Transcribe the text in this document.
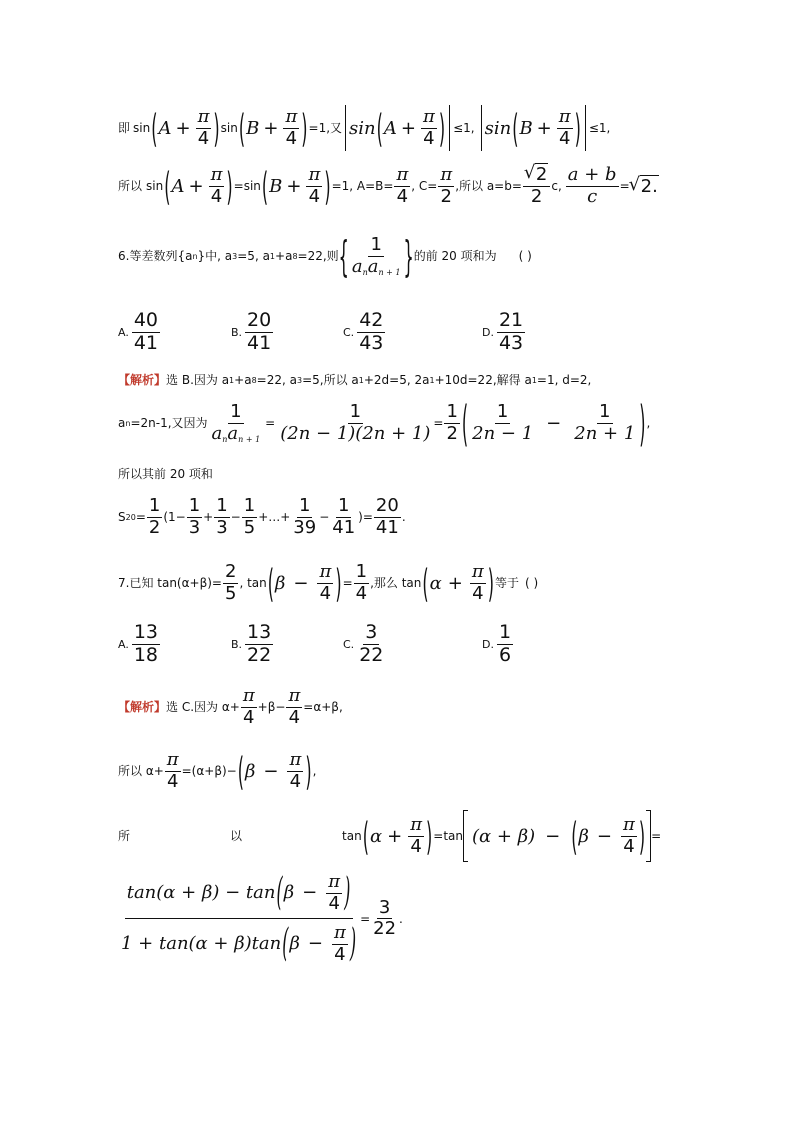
即 sin ( $A + \frac{\pi}{4}$ ) sin ( $B + \frac{\pi}{4}$ ) =1,又 sin ( $A + \frac{\pi}{4}$ ) ≤1, sin ( $B + \frac{\pi}{4}$ ) ≤1,
所以 sin ( $A + \frac{\pi}{4}$ ) =sin ( $B + \frac{\pi}{4}$ ) =1, $A=B= \frac{\pi}{4}$ , $C= \frac{\pi}{2}$ ,所以 a=b= √ $\frac{2}{2} c$, $\frac{a + b}{c}$ = √ 2.
6.等差数列{a n }中, a 3 =5, a 1 +a 8 =22,则 { $\frac{1}{a_na_{n + 1}}$ } 的前 20 项和为 ( )
A. $\frac{40}{41}$	B. $\frac{20}{41}$	C. $\frac{42}{43}$	D. $\frac{21}{43}$
【解析】 选 B.因为 a 1 +a 8 =22, a 3 =5,所以 a 1 +2d=5, 2a 1 +10d=22,解得 a 1 =1, d=2,
a n =2n-1,又因为 $\frac{1}{a_na_{n + 1}} = \frac{1}{(2n - 1)(2n + 1)} = \frac{1}{2}$ ( $\frac{1}{2n - 1} - \frac{1}{2n + 1}$ ) ,
所以其前 20 项和
S $20 = \frac{1}{2} (1- \frac{1}{3} + \frac{1}{3} - \frac{1}{5}$ +…+ $\frac{1}{39} - \frac{1}{41}$ )= $\frac{20}{41}$ .
7.已知 $\tan(\alpha+\beta)= \frac{2}{5}$ , tan ( $\beta - \frac{\pi}{4}$ ) = $\frac{1}{4}$ ,那么 tan ( $\alpha + \frac{\pi}{4}$ ) 等于 ( )
A. $\frac{13}{18}$	B. $\frac{13}{22}$	C. $\frac{3}{22}$	D. $\frac{1}{6}$
【解析】 选 C.因为 $\alpha+ \frac{\pi}{4} +\beta- \frac{\pi}{4} =\alpha+\beta$,
所以 $\alpha+ \frac{\pi}{4} =(\alpha+\beta)-$ ( $\beta - \frac{\pi}{4}$ ) ,
所	以	tan ( $\alpha + \frac{\pi}{4}$ ) =tan (α + β) − ( $\beta - \frac{\pi}{4}$ ) =
tan(α + β) − tan ( $\beta - \frac{\pi}{4}$ )
1 + tan(α + β)tan ( $\beta - \frac{\pi}{4}$ )
= $\frac{3}{22}$ .
